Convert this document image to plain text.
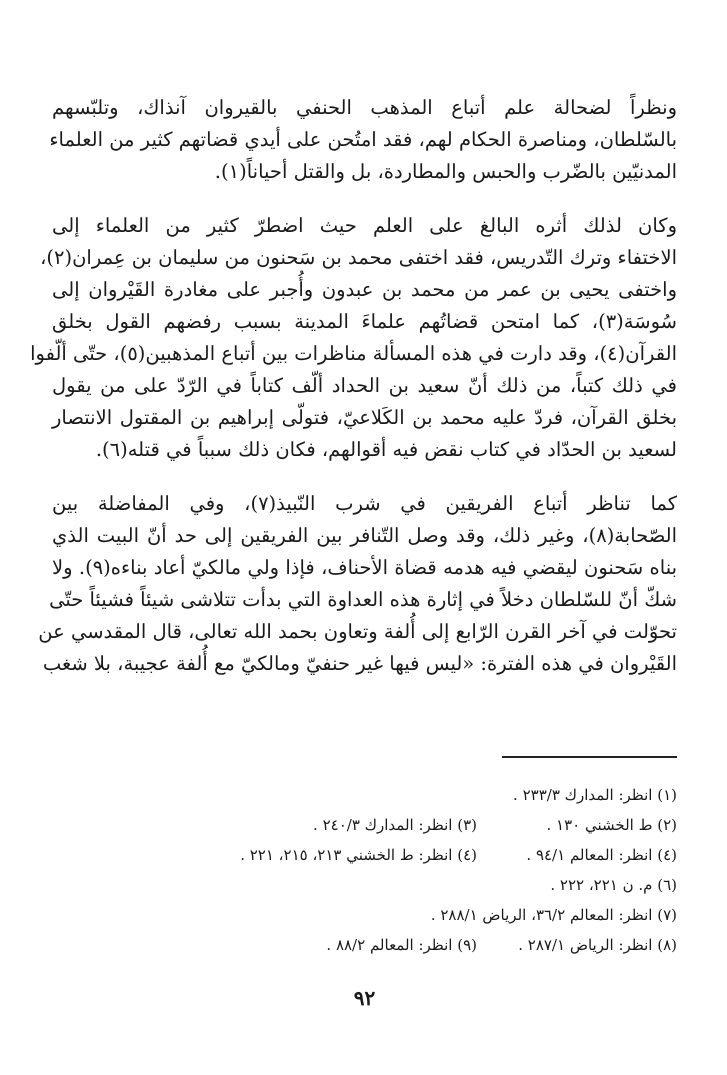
ونظراً لضحالة علم أتباع المذهب الحنفي بالقيروان آنذاك، وتلبّسهم
بالسّلطان، ومناصرة الحكام لهم، فقد امتُحن على أيدي قضاتهم كثير من العلماء
المدنيّين بالضّرب والحبس والمطاردة، بل والقتل أحياناً(١).
وكان لذلك أثره البالغ على العلم حيث اضطرّ كثير من العلماء إلى
الاختفاء وترك التّدريس، فقد اختفى محمد بن سَحنون من سليمان بن عِمران(٢)،
واختفى يحيى بن عمر من محمد بن عبدون وأُجبر على مغادرة القَيْروان إلى
سُوسَة(٣)، كما امتحن قضاتُهم علماءَ المدينة بسبب رفضهم القول بخلق
القرآن(٤)، وقد دارت في هذه المسألة مناظرات بين أتباع المذهبين(٥)، حتّى ألّفوا
في ذلك كتباً، من ذلك أنّ سعيد بن الحداد ألّف كتاباً في الرّدّ على من يقول
بخلق القرآن، فردّ عليه محمد بن الكَلاعيّ، فتولّى إبراهيم بن المقتول الانتصار
لسعيد بن الحدّاد في كتاب نقض فيه أقوالهم، فكان ذلك سبباً في قتله(٦).
كما تناظر أتباع الفريقين في شرب النّبيذ(٧)، وفي المفاضلة بين
الصّحابة(٨)، وغير ذلك، وقد وصل التّنافر بين الفريقين إلى حد أنّ البيت الذي
بناه سَحنون ليقضي فيه هدمه قضاة الأحناف، فإذا ولي مالكيّ أعاد بناءه(٩). ولا
شكّ أنّ للسّلطان دخلاً في إثارة هذه العداوة التي بدأت تتلاشى شيئاً فشيئاً حتّى
تحوّلت في آخر القرن الرّابع إلى أُلفة وتعاون بحمد الله تعالى، قال المقدسي عن
القَيْروان في هذه الفترة: «ليس فيها غير حنفيّ ومالكيّ مع أُلفة عجيبة، بلا شغب
(١) انظر: المدارك ٢٣٣/٣ .
(٢) ط الخشني ١٣٠ .
(٣) انظر: المدارك ٢٤٠/٣ .
(٤) انظر: المعالم ٩٤/١ .
(٤) انظر: ط الخشني ٢١٣، ٢١٥، ٢٢١ .
(٦) م. ن ٢٢١، ٢٢٢ .
(٧) انظر: المعالم ٣٦/٢، الرياض ٢٨٨/١ .
(٨) انظر: الرياض ٢٨٧/١ .
(٩) انظر: المعالم ٨٨/٢ .
٩٢
